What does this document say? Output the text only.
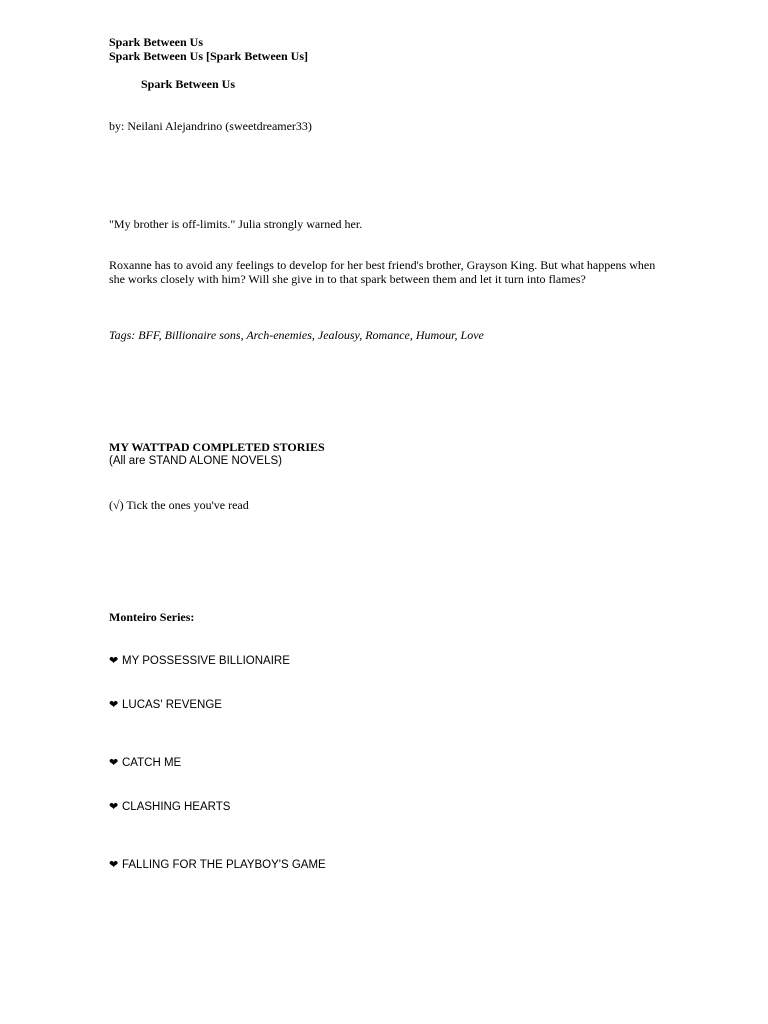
Spark Between Us
Spark Between Us [Spark Between Us]
Spark Between Us
by: Neilani Alejandrino (sweetdreamer33)
"My brother is off-limits." Julia strongly warned her.
Roxanne has to avoid any feelings to develop for her best friend's brother, Grayson King. But what happens when she works closely with him? Will she give in to that spark between them and let it turn into flames?
Tags: BFF, Billionaire sons, Arch-enemies, Jealousy, Romance, Humour, Love
MY WATTPAD COMPLETED STORIES
(All are STAND ALONE NOVELS)
(√) Tick the ones you've read
Monteiro Series:
❤ MY POSSESSIVE BILLIONAIRE
❤ LUCAS' REVENGE
❤ CATCH ME
❤ CLASHING HEARTS
❤ FALLING FOR THE PLAYBOY'S GAME
